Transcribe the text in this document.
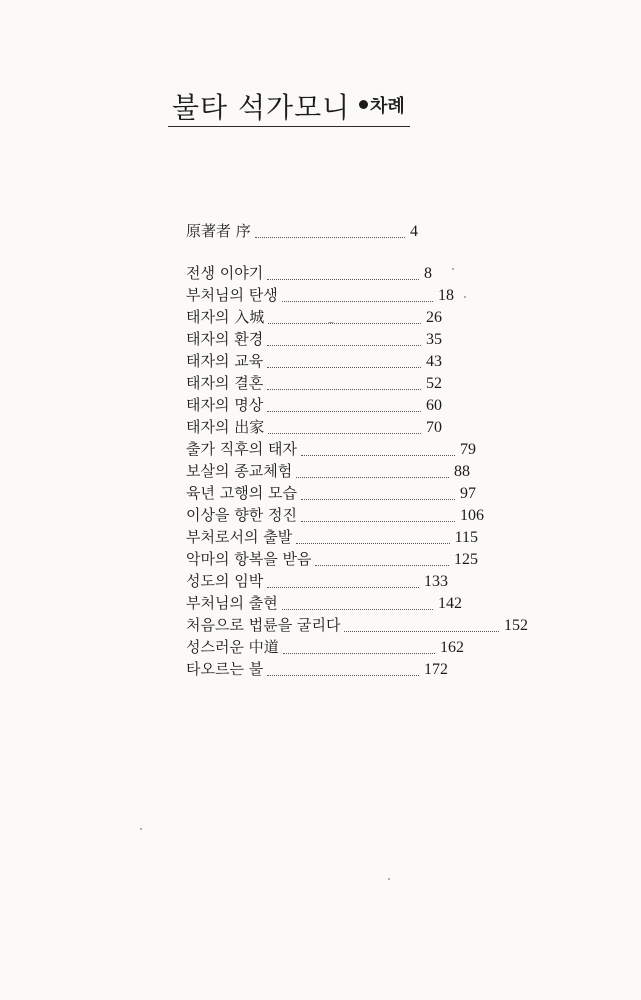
불타 석가모니 차례
原著者 序	4
전생 이야기	8
부처님의 탄생	18
태자의 入城	26
태자의 환경	35
태자의 교육	43
태자의 결혼	52
태자의 명상	60
태자의 出家	70
출가 직후의 태자	79
보살의 종교체험	88
육년 고행의 모습	97
이상을 향한 정진	106
부처로서의 출발	115
악마의 항복을 받음	125
성도의 임박	133
부처님의 출현	142
처음으로 법륜을 굴리다	152
성스러운 中道	162
타오르는 불	172
